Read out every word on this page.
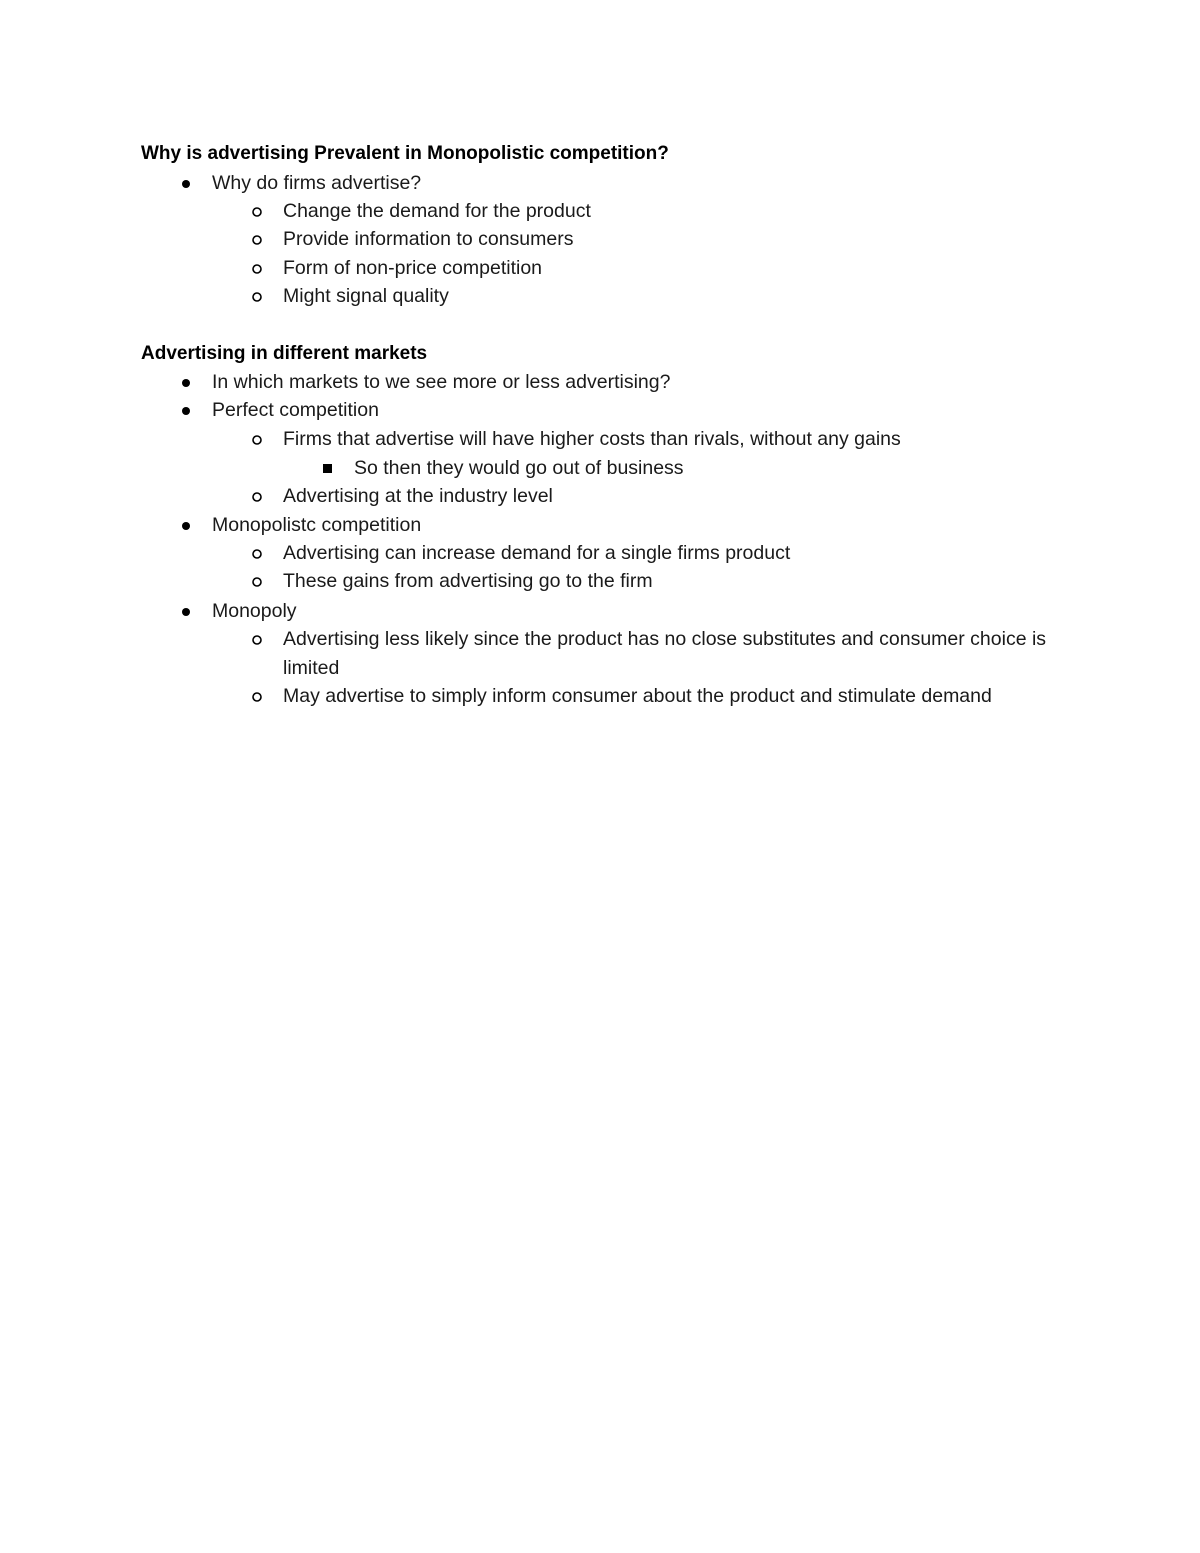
Why is advertising Prevalent in Monopolistic competition?
Why do firms advertise?
Change the demand for the product
Provide information to consumers
Form of non-price competition
Might signal quality
Advertising in different markets
In which markets to we see more or less advertising?
Perfect competition
Firms that advertise will have higher costs than rivals, without any gains
So then they would go out of business
Advertising at the industry level
Monopolistc competition
Advertising can increase demand for a single firms product
These gains from advertising go to the firm
Monopoly
Advertising less likely since the product has no close substitutes and consumer choice is limited
May advertise to simply inform consumer about the product and stimulate demand
